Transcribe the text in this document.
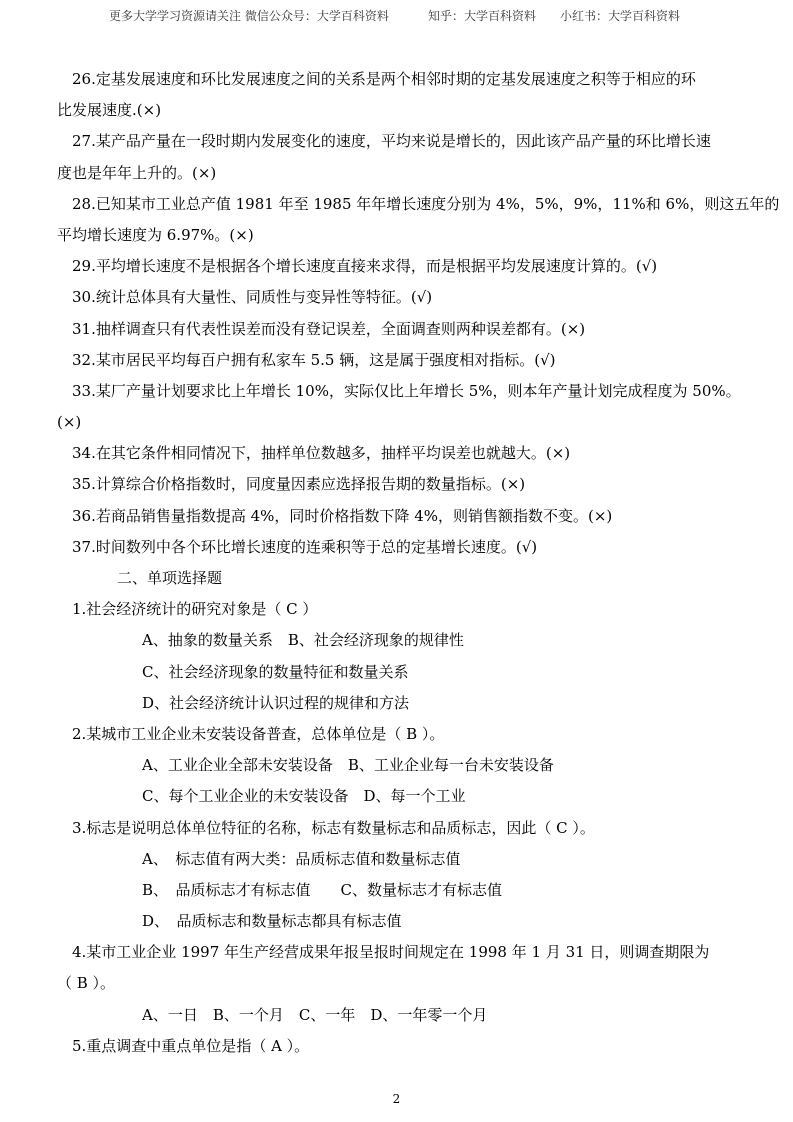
更多大学学习资源请关注 微信公众号：大学百科资料	知乎：大学百科资料 小红书：大学百科资料
26.定基发展速度和环比发展速度之间的关系是两个相邻时期的定基发展速度之积等于相应的环
比发展速度.(×)
27.某产品产量在一段时期内发展变化的速度，平均来说是增长的，因此该产品产量的环比增长速
度也是年年上升的。(×)
28.已知某市工业总产值 1981 年至 1985 年年增长速度分别为 4%，5%，9%，11%和 6%，则这五年的
平均增长速度为 6.97%。(×)
29.平均增长速度不是根据各个增长速度直接来求得，而是根据平均发展速度计算的。(√)
30.统计总体具有大量性、同质性与变异性等特征。(√)
31.抽样调查只有代表性误差而没有登记误差，全面调查则两种误差都有。(×)
32.某市居民平均每百户拥有私家车 5.5 辆，这是属于强度相对指标。(√)
33.某厂产量计划要求比上年增长 10%，实际仅比上年增长 5%，则本年产量计划完成程度为 50%。
(×)
34.在其它条件相同情况下，抽样单位数越多，抽样平均误差也就越大。(×)
35.计算综合价格指数时，同度量因素应选择报告期的数量指标。(×)
36.若商品销售量指数提高 4%，同时价格指数下降 4%，则销售额指数不变。(×)
37.时间数列中各个环比增长速度的连乘积等于总的定基增长速度。(√)
二、单项选择题
1.社会经济统计的研究对象是（ C ）
A、抽象的数量关系　B、社会经济现象的规律性
C、社会经济现象的数量特征和数量关系
D、社会经济统计认识过程的规律和方法
2.某城市工业企业未安装设备普查，总体单位是（ B ）。
A、工业企业全部未安装设备　B、工业企业每一台未安装设备
C、每个工业企业的未安装设备　D、每一个工业
3.标志是说明总体单位特征的名称，标志有数量标志和品质标志，因此（ C ）。
A、　标志值有两大类：品质标志值和数量标志值
B、　品质标志才有标志值　　C、数量标志才有标志值
D、　品质标志和数量标志都具有标志值
4.某市工业企业 1997 年生产经营成果年报呈报时间规定在 1998 年 1 月 31 日，则调查期限为
（ B ）。
A、一日　B、一个月　C、一年　D、一年零一个月
5.重点调查中重点单位是指（ A ）。
2
